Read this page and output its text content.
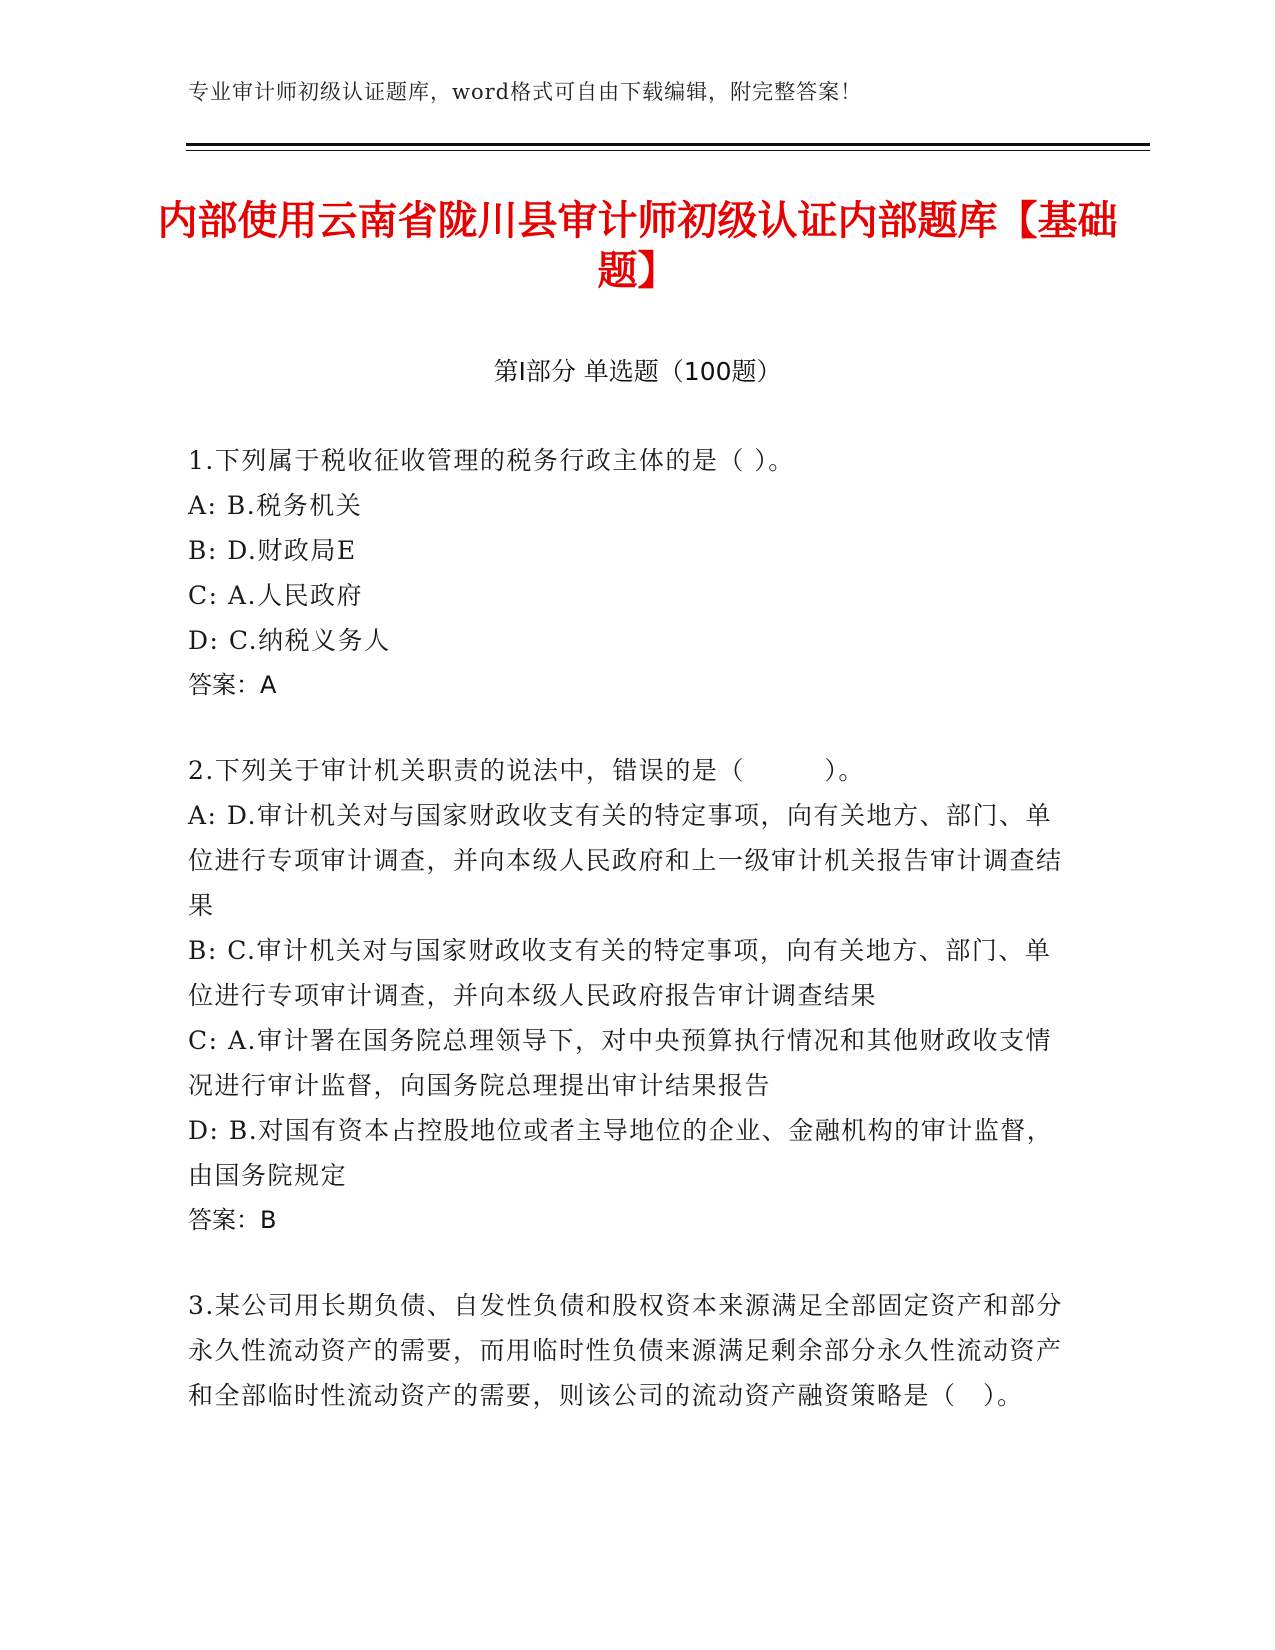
专业审计师初级认证题库，word格式可自由下载编辑，附完整答案！
内部使用云南省陇川县审计师初级认证内部题库【基础题】
第Ⅰ部分 单选题（100题）
1.下列属于税收征收管理的税务行政主体的是（ ）。
A: B.税务机关
B: D.财政局E
C: A.人民政府
D: C.纳税义务人
答案：A
2.下列关于审计机关职责的说法中，错误的是（　　　）。
A: D.审计机关对与国家财政收支有关的特定事项，向有关地方、部门、单位进行专项审计调查，并向本级人民政府和上一级审计机关报告审计调查结果
B: C.审计机关对与国家财政收支有关的特定事项，向有关地方、部门、单位进行专项审计调查，并向本级人民政府报告审计调查结果
C: A.审计署在国务院总理领导下，对中央预算执行情况和其他财政收支情况进行审计监督，向国务院总理提出审计结果报告
D: B.对国有资本占控股地位或者主导地位的企业、金融机构的审计监督，由国务院规定
答案：B
3.某公司用长期负债、自发性负债和股权资本来源满足全部固定资产和部分永久性流动资产的需要，而用临时性负债来源满足剩余部分永久性流动资产和全部临时性流动资产的需要，则该公司的流动资产融资策略是（　）。
